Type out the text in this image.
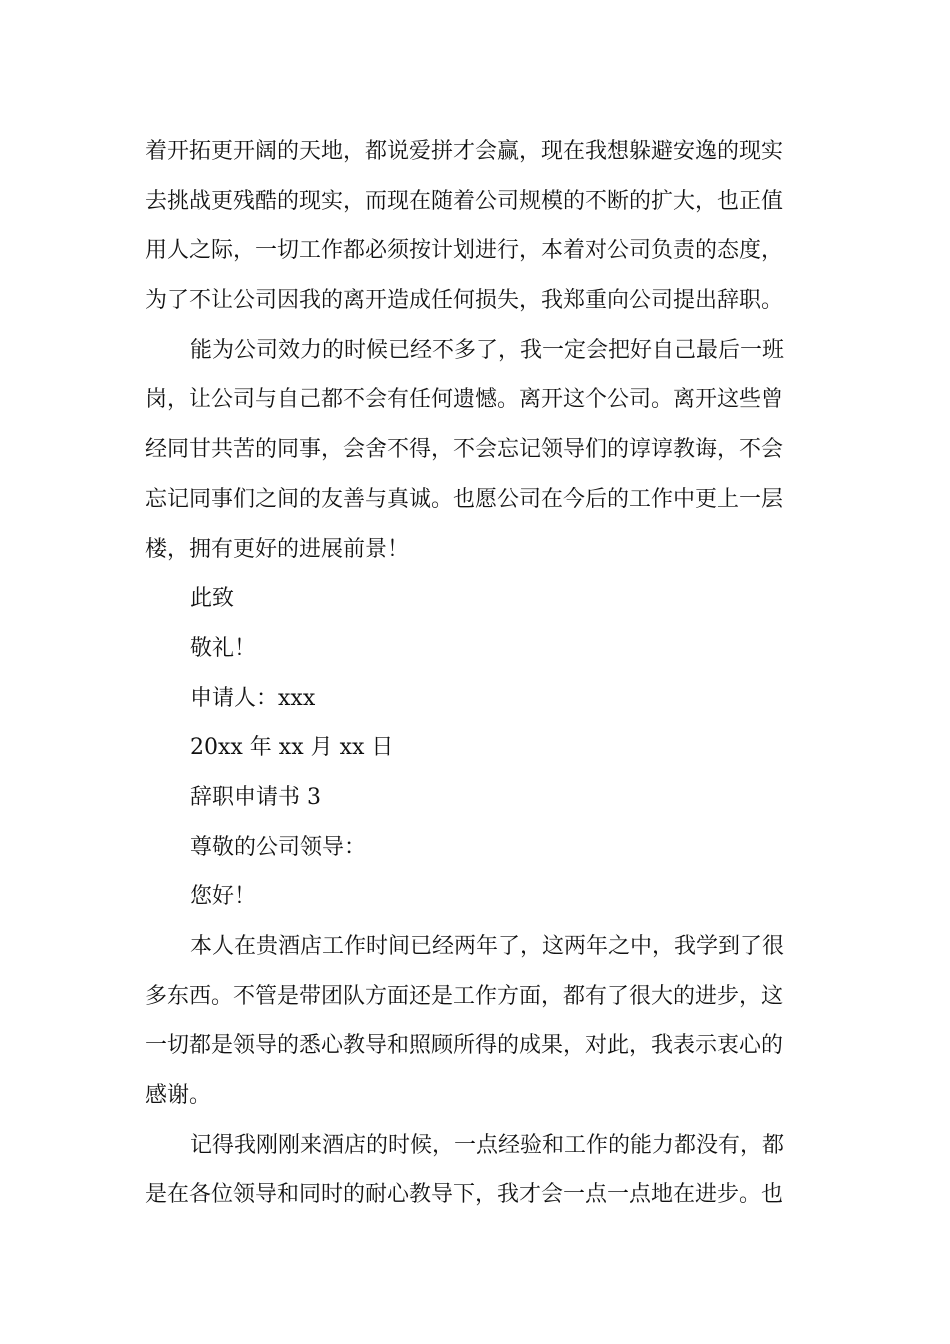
着开拓更开阔的天地，都说爱拼才会赢，现在我想躲避安逸的现实
去挑战更残酷的现实，而现在随着公司规模的不断的扩大，也正值
用人之际，一切工作都必须按计划进行，本着对公司负责的态度，
为了不让公司因我的离开造成任何损失，我郑重向公司提出辞职。
能为公司效力的时候已经不多了，我一定会把好自己最后一班
岗，让公司与自己都不会有任何遗憾。离开这个公司。离开这些曾
经同甘共苦的同事，会舍不得，不会忘记领导们的谆谆教诲，不会
忘记同事们之间的友善与真诚。也愿公司在今后的工作中更上一层
楼，拥有更好的进展前景！
此致
敬礼！
申请人：xxx
20xx 年 xx 月 xx 日
辞职申请书 3
尊敬的公司领导：
您好！
本人在贵酒店工作时间已经两年了，这两年之中，我学到了很
多东西。不管是带团队方面还是工作方面，都有了很大的进步，这
一切都是领导的悉心教导和照顾所得的成果，对此，我表示衷心的
感谢。
记得我刚刚来酒店的时候，一点经验和工作的能力都没有，都
是在各位领导和同时的耐心教导下，我才会一点一点地在进步。也
